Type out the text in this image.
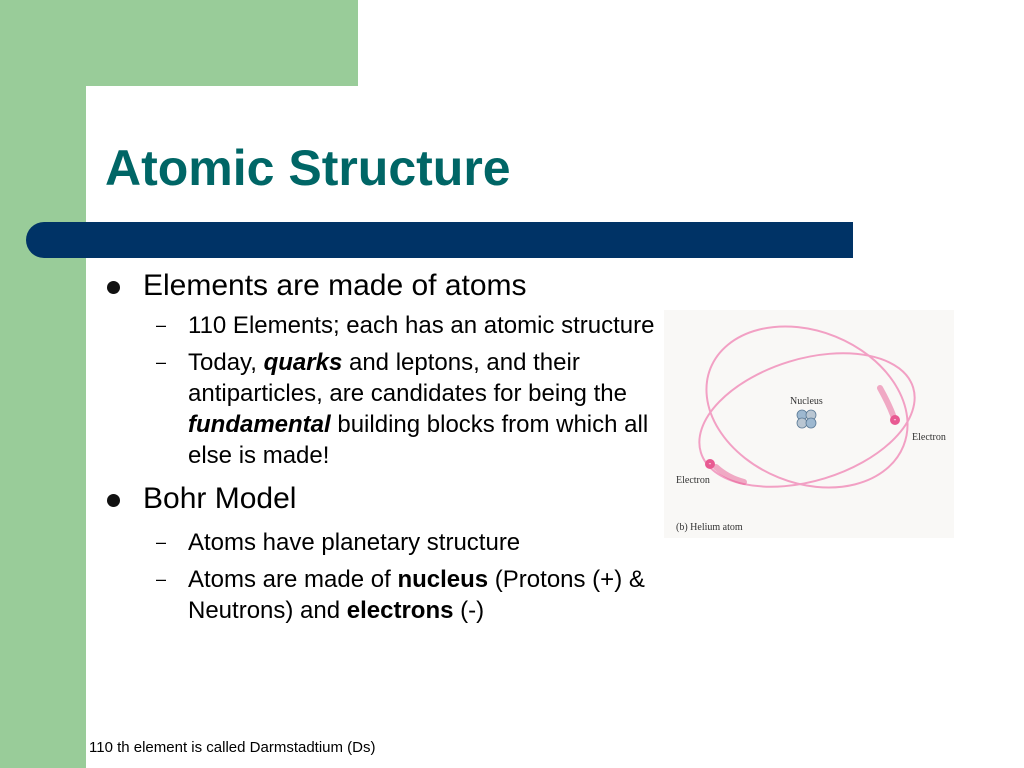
Atomic Structure
Elements are made of atoms
– 110 Elements; each has an atomic structure
– Today, quarks and leptons, and their antiparticles, are candidates for being the fundamental building blocks from which all else is made!
Bohr Model
– Atoms have planetary structure
– Atoms are made of nucleus (Protons (+) & Neutrons) and electrons (-)
-
-
Nucleus
Electron
Electron
(b) Helium atom
110 th element is called Darmstadtium (Ds)
